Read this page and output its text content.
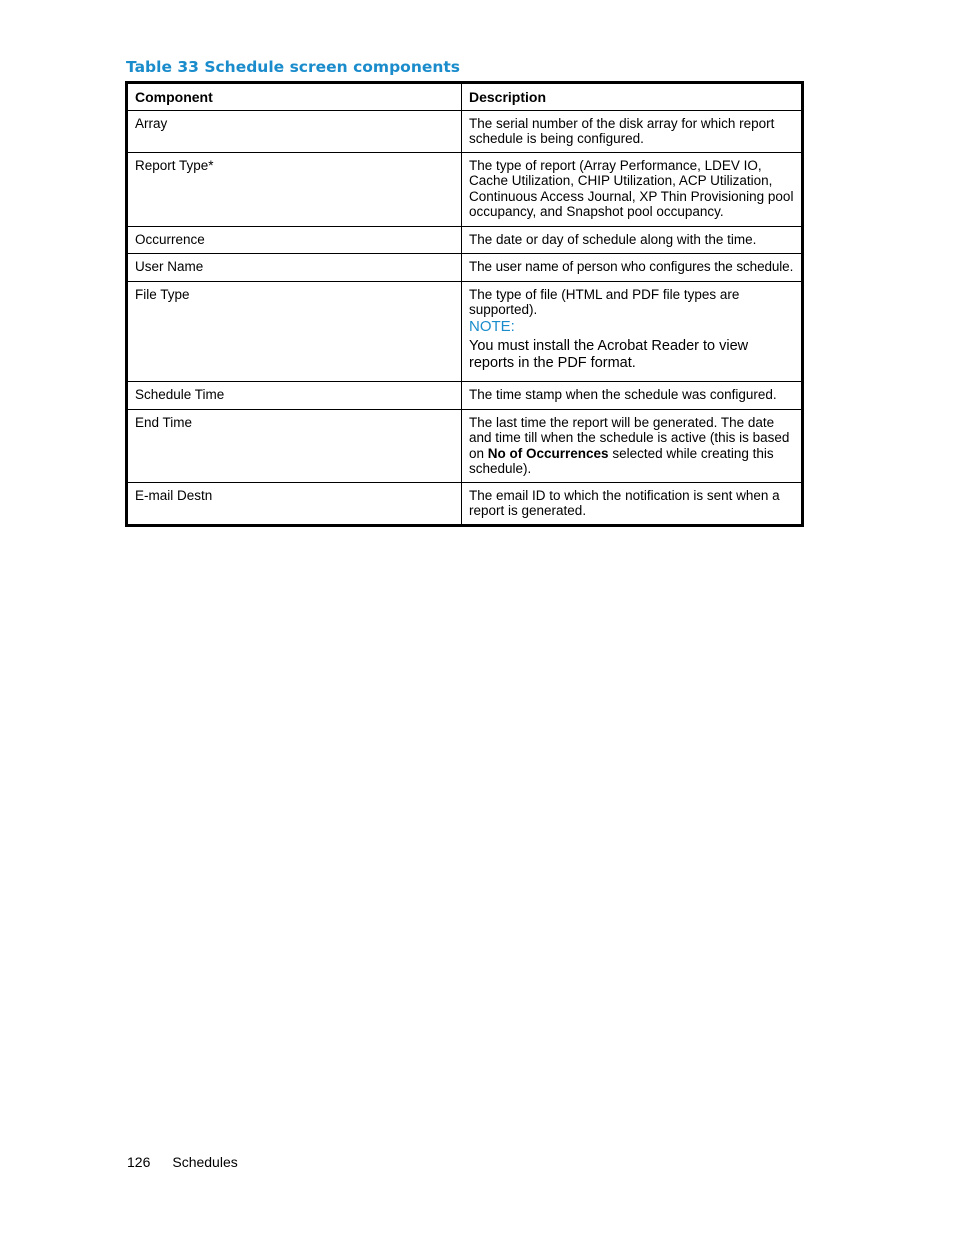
Table 33 Schedule screen components
Component	Description
Array	The serial number of the disk array for which report schedule is being configured.
Report Type*	The type of report (Array Performance, LDEV IO, Cache Utilization, CHIP Utilization, ACP Utilization, Continuous Access Journal, XP Thin Provisioning pool occupancy, and Snapshot pool occupancy.
Occurrence	The date or day of schedule along with the time.
User Name	The user name of person who configures the schedule.
File Type	The type of file (HTML and PDF file types are supported).
NOTE:
You must install the Acrobat Reader to view reports in the PDF format.

Schedule Time	The time stamp when the schedule was configured.
End Time	The last time the report will be generated. The date and time till when the schedule is active (this is based on No of Occurrences selected while creating this schedule).
E-mail Destn	The email ID to which the notification is sent when a report is generated.
126 Schedules
